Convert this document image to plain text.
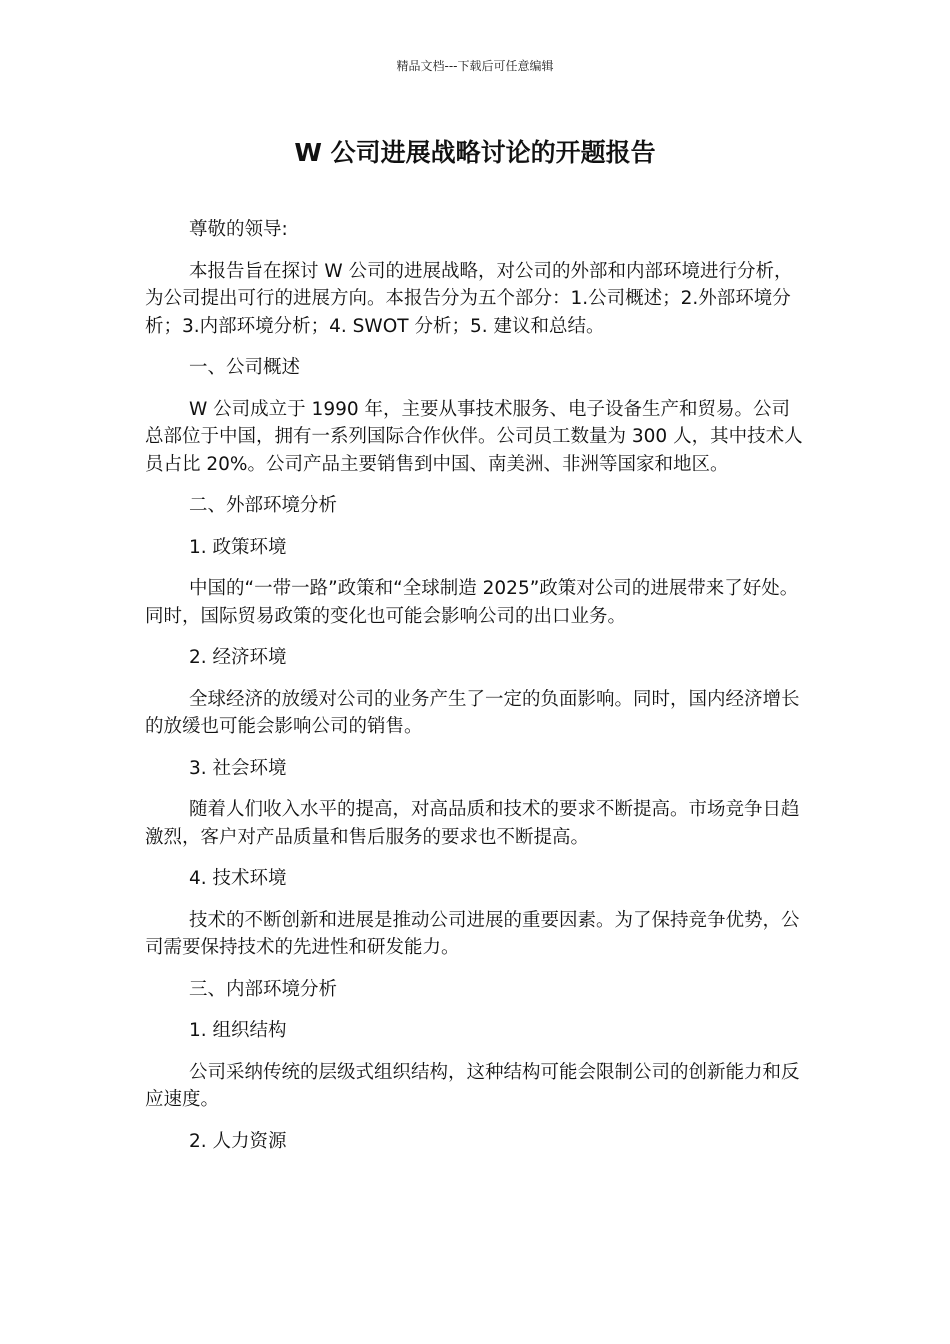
精品文档---下载后可任意编辑
W 公司进展战略讨论的开题报告

尊敬的领导:

本报告旨在探讨 W 公司的进展战略，对公司的外部和内部环境进行分析，为公司提出可行的进展方向。本报告分为五个部分：1.公司概述；2.外部环境分析；3.内部环境分析；4. SWOT 分析；5. 建议和总结。

一、公司概述

W 公司成立于 1990 年，主要从事技术服务、电子设备生产和贸易。公司总部位于中国，拥有一系列国际合作伙伴。公司员工数量为 300 人，其中技术人员占比 20%。公司产品主要销售到中国、南美洲、非洲等国家和地区。

二、外部环境分析

1. 政策环境

中国的“一带一路”政策和“全球制造 2025”政策对公司的进展带来了好处。同时，国际贸易政策的变化也可能会影响公司的出口业务。

2. 经济环境

全球经济的放缓对公司的业务产生了一定的负面影响。同时，国内经济增长的放缓也可能会影响公司的销售。

3. 社会环境

随着人们收入水平的提高，对高品质和技术的要求不断提高。市场竞争日趋激烈，客户对产品质量和售后服务的要求也不断提高。

4. 技术环境

技术的不断创新和进展是推动公司进展的重要因素。为了保持竞争优势，公司需要保持技术的先进性和研发能力。

三、内部环境分析

1. 组织结构

公司采纳传统的层级式组织结构，这种结构可能会限制公司的创新能力和反应速度。

2. 人力资源
